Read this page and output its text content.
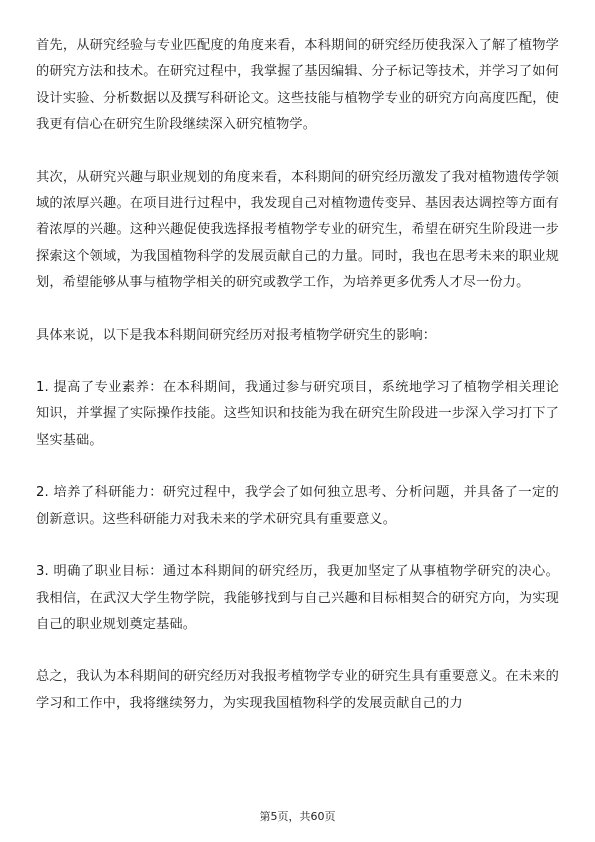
首先，从研究经验与专业匹配度的角度来看，本科期间的研究经历使我深入了解了植物学的研究方法和技术。在研究过程中，我掌握了基因编辑、分子标记等技术，并学习了如何设计实验、分析数据以及撰写科研论文。这些技能与植物学专业的研究方向高度匹配，使我更有信心在研究生阶段继续深入研究植物学。

其次，从研究兴趣与职业规划的角度来看，本科期间的研究经历激发了我对植物遗传学领域的浓厚兴趣。在项目进行过程中，我发现自己对植物遗传变异、基因表达调控等方面有着浓厚的兴趣。这种兴趣促使我选择报考植物学专业的研究生，希望在研究生阶段进一步探索这个领域，为我国植物科学的发展贡献自己的力量。同时，我也在思考未来的职业规划，希望能够从事与植物学相关的研究或教学工作，为培养更多优秀人才尽一份力。

具体来说，以下是我本科期间研究经历对报考植物学研究生的影响：

1. 提高了专业素养：在本科期间，我通过参与研究项目，系统地学习了植物学相关理论知识，并掌握了实际操作技能。这些知识和技能为我在研究生阶段进一步深入学习打下了坚实基础。

2. 培养了科研能力：研究过程中，我学会了如何独立思考、分析问题，并具备了一定的创新意识。这些科研能力对我未来的学术研究具有重要意义。

3. 明确了职业目标：通过本科期间的研究经历，我更加坚定了从事植物学研究的决心。我相信，在武汉大学生物学院，我能够找到与自己兴趣和目标相契合的研究方向，为实现自己的职业规划奠定基础。

总之，我认为本科期间的研究经历对我报考植物学专业的研究生具有重要意义。在未来的学习和工作中，我将继续努力，为实现我国植物科学的发展贡献自己的力

第5页，共60页
